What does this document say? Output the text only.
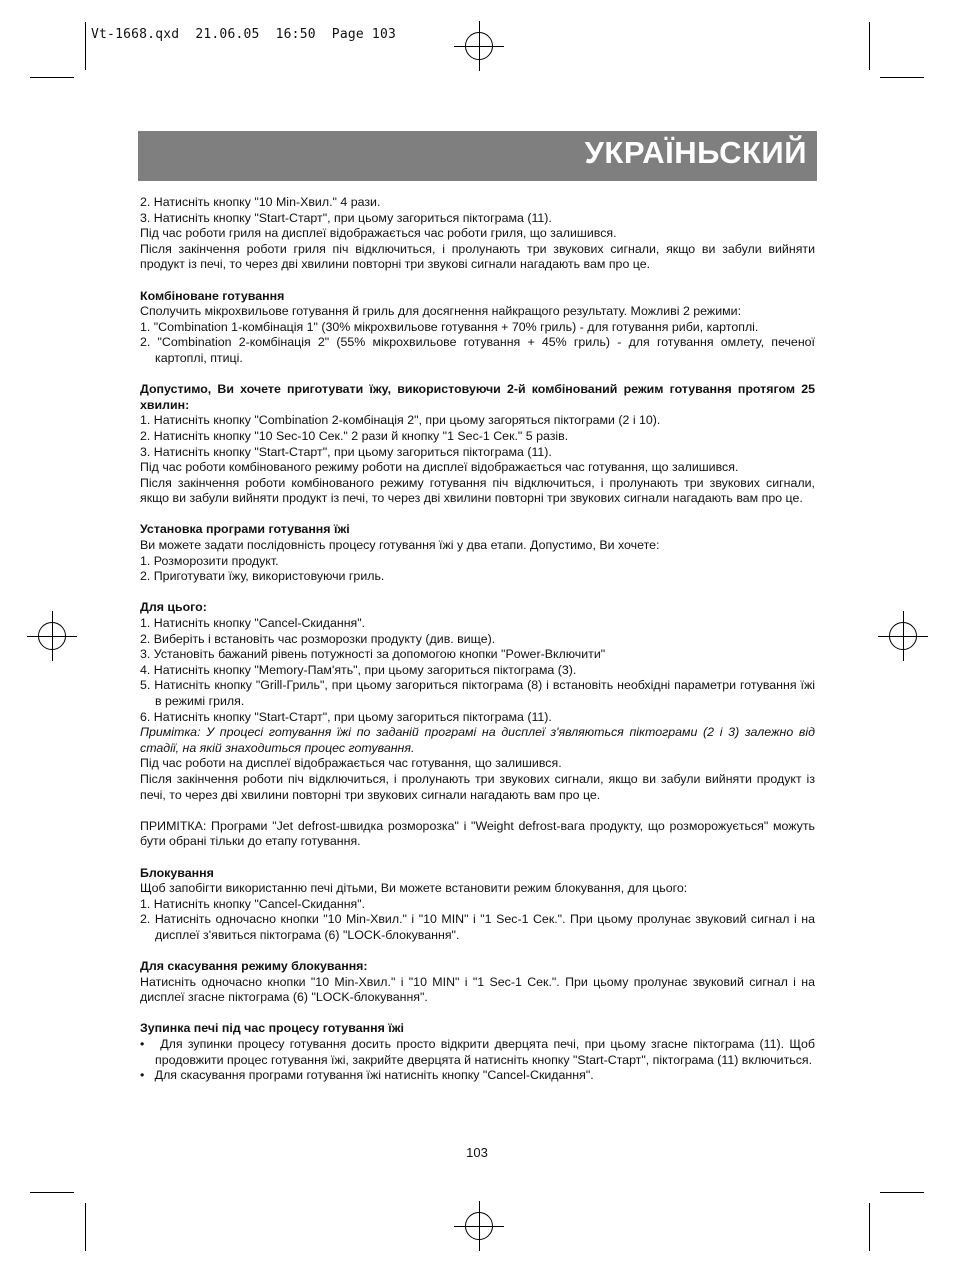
Vt-1668.qxd  21.06.05  16:50  Page 103
УКРАЇНЬСКИЙ

2. Натисніть кнопку "10 Min-Хвил." 4 рази.

3. Натисніть кнопку "Start-Старт", при цьому загориться піктограма (11).

Під час роботи гриля на дисплеї відображається час роботи гриля, що залишився.

Після закінчення роботи гриля піч відключиться, і пролунають три звукових сигнали, якщо ви забули вийняти продукт із печі, то через дві хвилини повторні три звукові сигнали нагадають вам про це.

Комбіноване готування

Сполучить мікрохвильове готування й гриль для досягнення найкращого результату. Можливі 2 режими:

1. "Combination 1-комбінація 1" (30% мікрохвильове готування + 70% гриль) - для готування риби, картоплі.

2. "Combination 2-комбінація 2" (55% мікрохвильове готування + 45% гриль) - для готування омлету, печеної картоплі, птиці.

Допустимо, Ви хочете приготувати їжу, використовуючи 2-й комбінований режим готування протягом 25 хвилин:

1. Натисніть кнопку "Combination 2-комбінація 2", при цьому загоряться піктограми (2 і 10).

2. Натисніть кнопку "10 Sec-10 Сек." 2 рази й кнопку "1 Sec-1 Сек." 5 разів.

3. Натисніть кнопку "Start-Старт", при цьому загориться піктограма (11).

Під час роботи комбінованого режиму роботи на дисплеї відображається час готування, що залишився.

Після закінчення роботи комбінованого режиму готування піч відключиться, і пролунають три звукових сигнали, якщо ви забули вийняти продукт із печі, то через дві хвилини повторні три звукових сигнали нагадають вам про це.

Установка програми готування їжі

Ви можете задати послідовність процесу готування їжі у два етапи. Допустимо, Ви хочете:

1. Розморозити продукт.

2. Приготувати їжу, використовуючи гриль.

Для цього:

1. Натисніть кнопку "Cancel-Скидання".

2. Виберіть і встановіть час розморозки продукту (див. вище).

3. Установіть бажаний рівень потужності за допомогою кнопки "Power-Включити"

4. Натисніть кнопку "Memory-Пам'ять", при цьому загориться піктограма (3).

5. Натисніть кнопку "Grill-Гриль", при цьому загориться піктограма (8) і встановіть необхідні параметри готування їжі в режимі гриля.

6. Натисніть кнопку "Start-Старт", при цьому загориться піктограма (11).

Примітка: У процесі готування їжі по заданій програмі на дисплеї з'являються піктограми (2 і 3) залежно від стадії, на якій знаходиться процес готування.

Під час роботи на дисплеї відображається час готування, що залишився.

Після закінчення роботи піч відключиться, і пролунають три звукових сигнали, якщо ви забули вийняти продукт із печі, то через дві хвилини повторні три звукових сигнали нагадають вам про це.

ПРИМІТКА: Програми "Jet defrost-швидка розморозка" і "Weight defrost-вага продукту, що розморожується" можуть бути обрані тільки до етапу готування.

Блокування

Щоб запобігти використанню печі дітьми, Ви можете встановити режим блокування, для цього:

1. Натисніть кнопку "Cancel-Скидання".

2. Натисніть одночасно кнопки "10 Min-Хвил." і "10 MIN" і "1 Sec-1 Сек.". При цьому пролунає звуковий сигнал і на дисплеї з'явиться піктограма (6) "LOCK-блокування".

Для скасування режиму блокування:

Натисніть одночасно кнопки "10 Min-Хвил." і "10 MIN" і "1 Sec-1 Сек.". При цьому пролунає звуковий сигнал і на дисплеї згасне піктограма (6) "LOCK-блокування".

Зупинка печі під час процесу готування їжі

•   Для зупинки процесу готування досить просто відкрити дверцята печі, при цьому згасне піктограма (11). Щоб продовжити процес готування їжі, закрийте дверцята й натисніть кнопку "Start-Старт", піктограма (11) включиться.

•   Для скасування програми готування їжі натисніть кнопку "Cancel-Скидання".

103
